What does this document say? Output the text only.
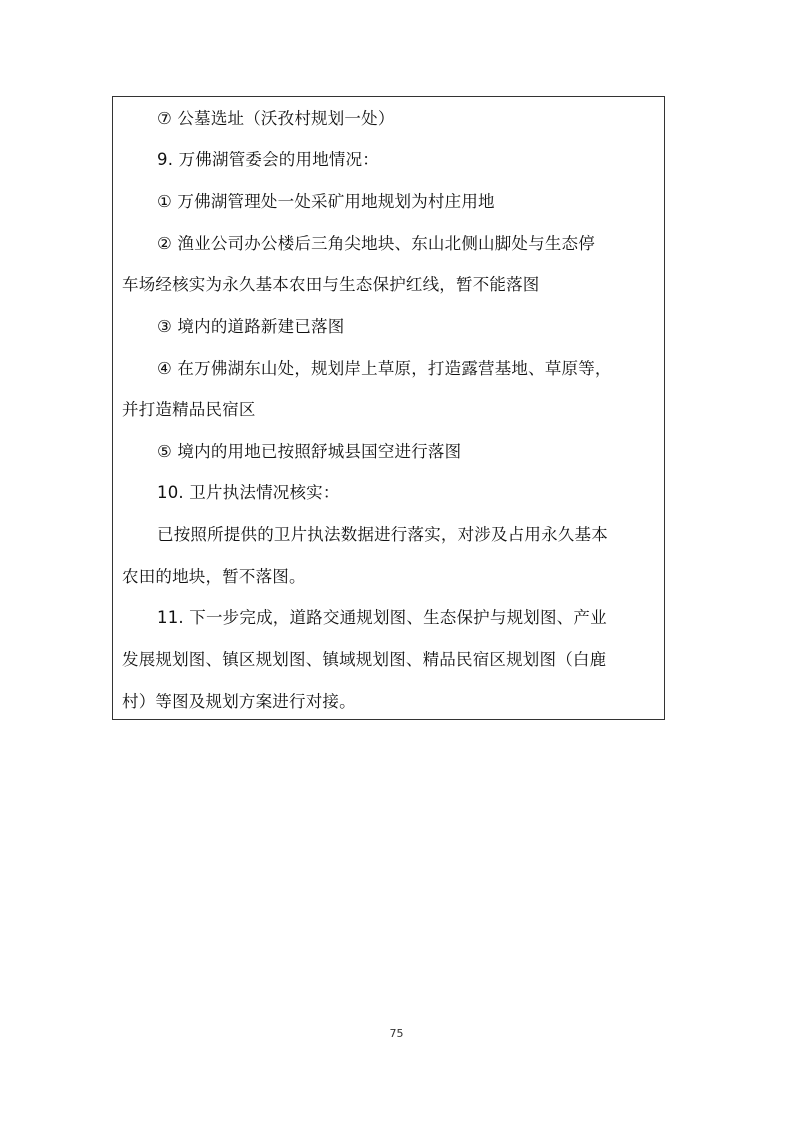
⑦ 公墓选址（沃孜村规划一处）
9. 万佛湖管委会的用地情况：
① 万佛湖管理处一处采矿用地规划为村庄用地
② 渔业公司办公楼后三角尖地块、东山北侧山脚处与生态停
车场经核实为永久基本农田与生态保护红线，暂不能落图
③ 境内的道路新建已落图
④ 在万佛湖东山处，规划岸上草原，打造露营基地、草原等，
并打造精品民宿区
⑤ 境内的用地已按照舒城县国空进行落图
10. 卫片执法情况核实：
已按照所提供的卫片执法数据进行落实，对涉及占用永久基本
农田的地块，暂不落图。
11. 下一步完成，道路交通规划图、生态保护与规划图、产业
发展规划图、镇区规划图、镇域规划图、精品民宿区规划图（白鹿
村）等图及规划方案进行对接。
75
